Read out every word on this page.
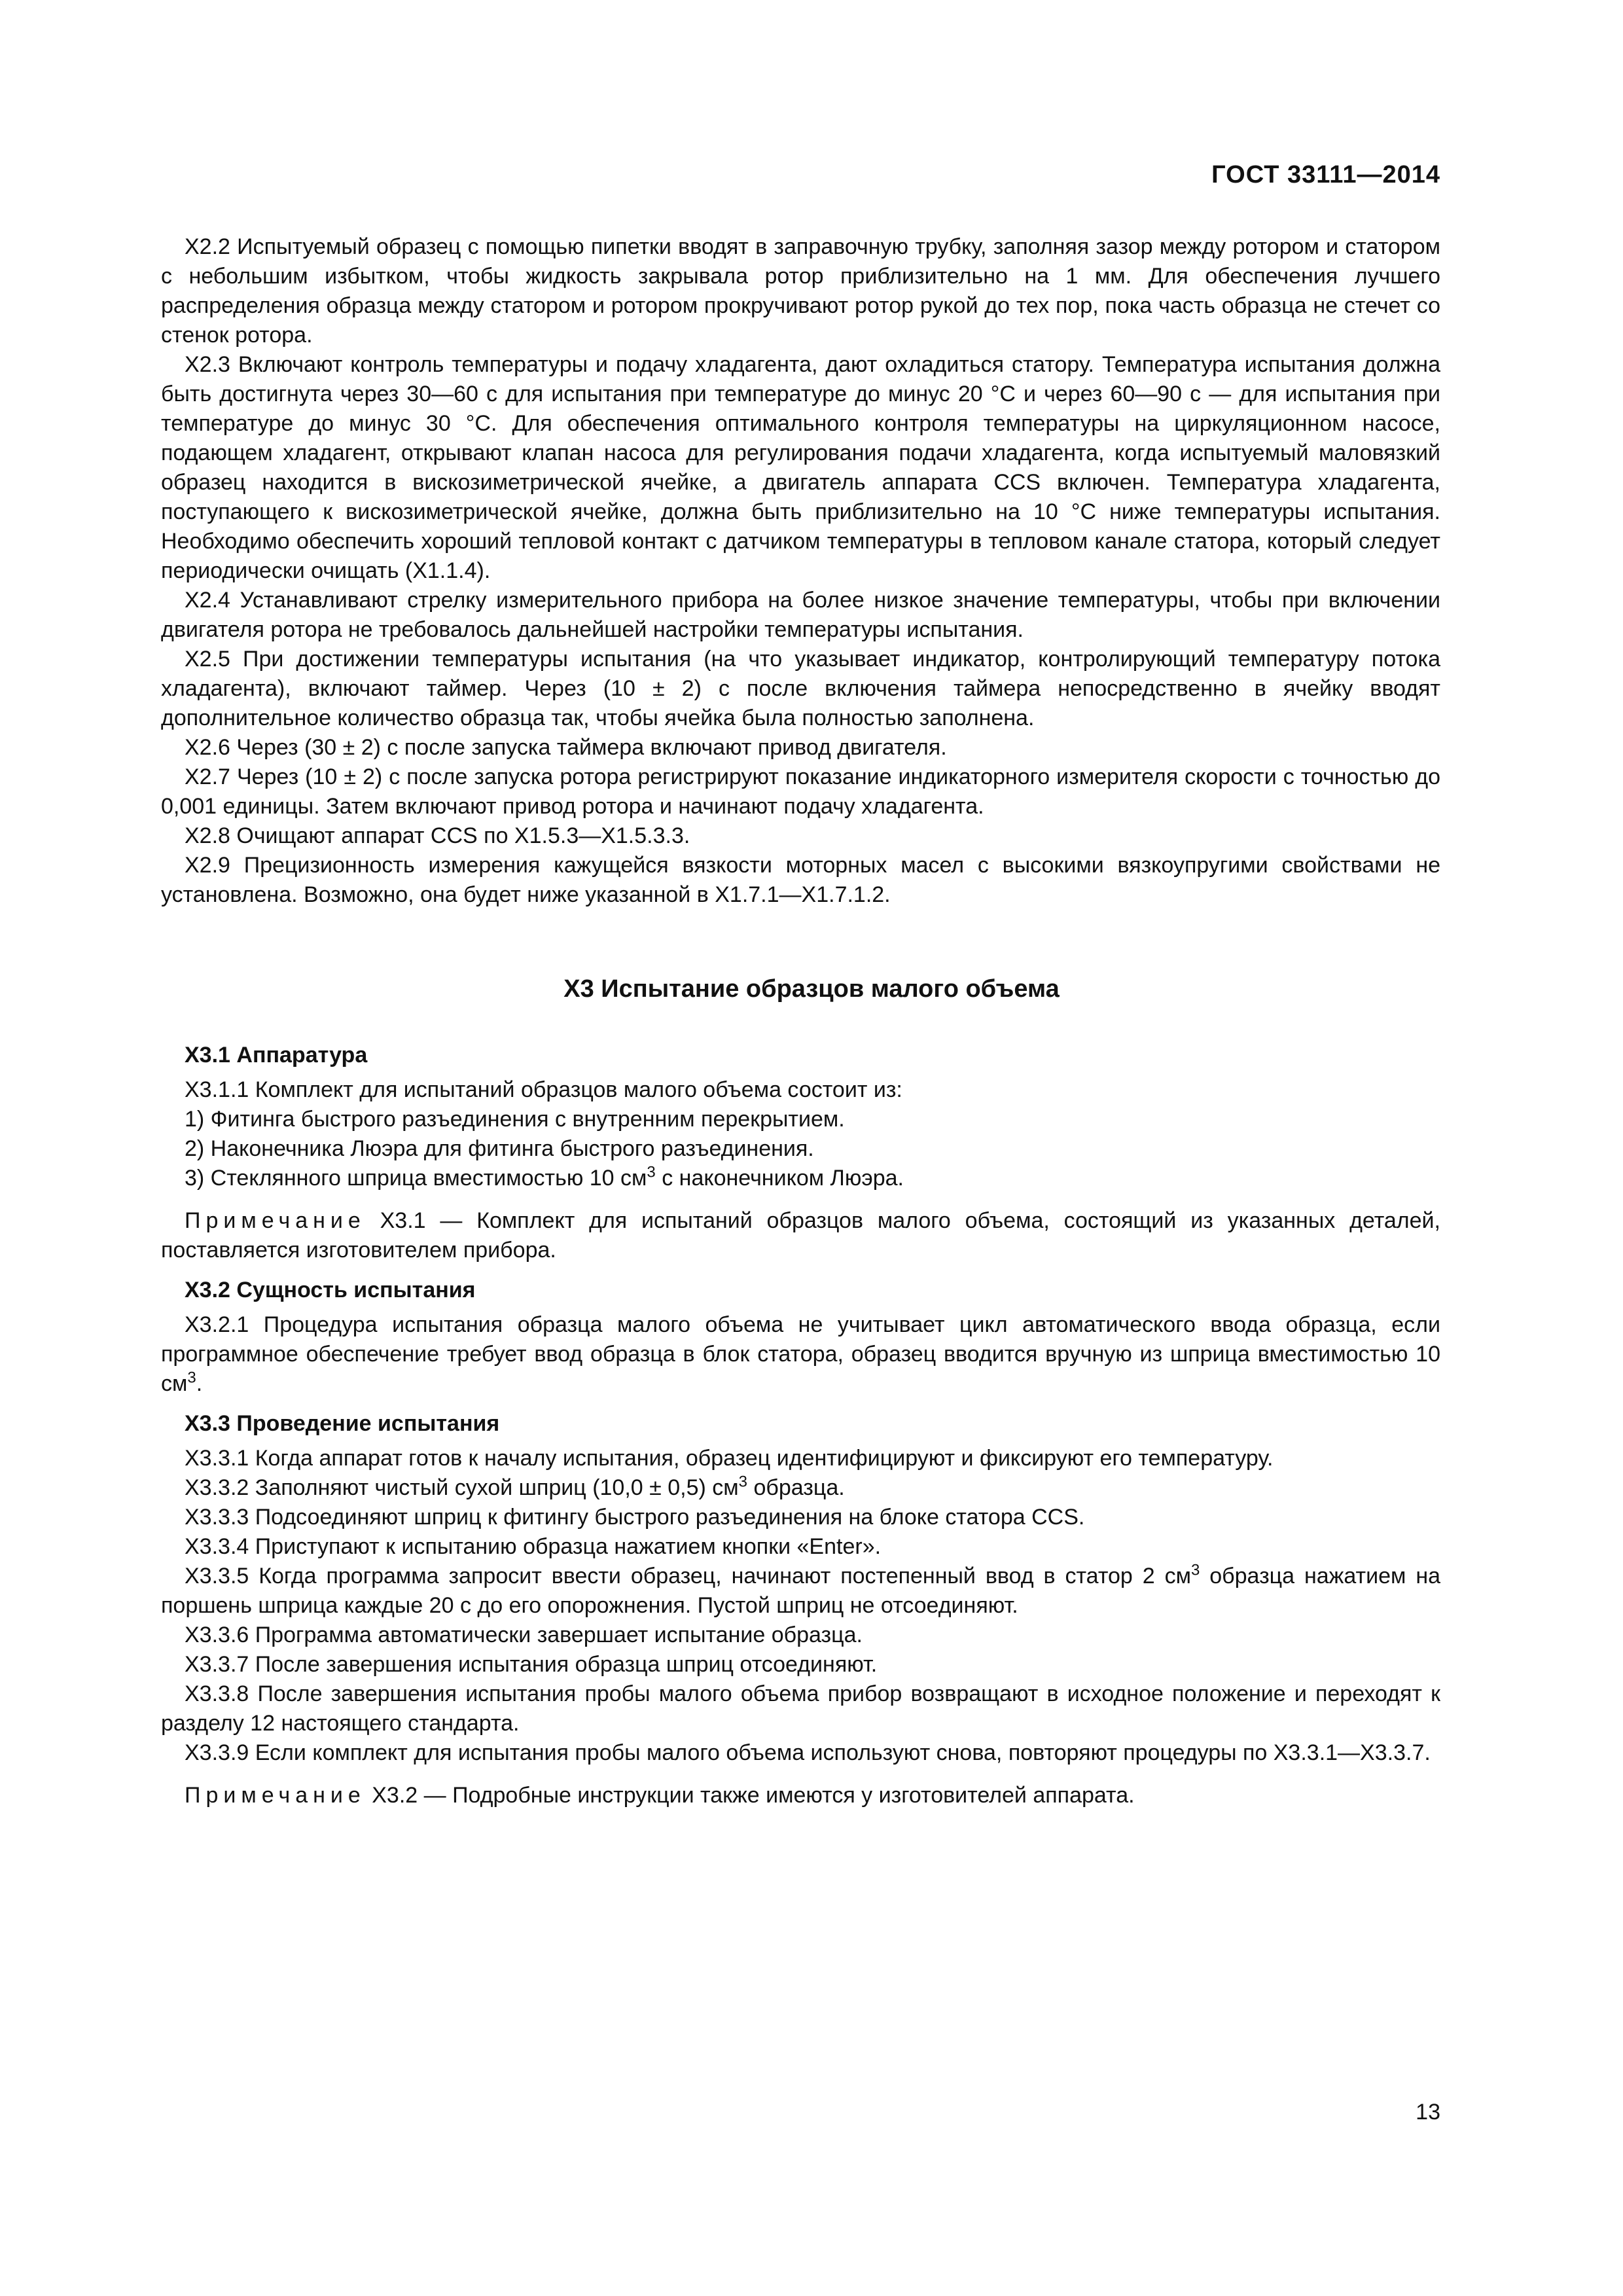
ГОСТ 33111—2014

X2.2 Испытуемый образец с помощью пипетки вводят в заправочную трубку, заполняя зазор между ротором и статором с небольшим избытком, чтобы жидкость закрывала ротор приблизительно на 1 мм. Для обеспечения лучшего распределения образца между статором и ротором прокручивают ротор рукой до тех пор, пока часть образца не стечет со стенок ротора.

X2.3 Включают контроль температуры и подачу хладагента, дают охладиться статору. Температура испытания должна быть достигнута через 30—60 с для испытания при температуре до минус 20 °С и через 60—90 с — для испытания при температуре до минус 30 °С. Для обеспечения оптимального контроля температуры на циркуляционном насосе, подающем хладагент, открывают клапан насоса для регулирования подачи хладагента, когда испытуемый маловязкий образец находится в вискозиметрической ячейке, а двигатель аппарата CCS включен. Температура хладагента, поступающего к вискозиметрической ячейке, должна быть приблизительно на 10 °С ниже температуры испытания. Необходимо обеспечить хороший тепловой контакт с датчиком температуры в тепловом канале статора, который следует периодически очищать (X1.1.4).

X2.4 Устанавливают стрелку измерительного прибора на более низкое значение температуры, чтобы при включении двигателя ротора не требовалось дальнейшей настройки температуры испытания.

X2.5 При достижении температуры испытания (на что указывает индикатор, контролирующий температуру потока хладагента), включают таймер. Через (10 ± 2) с после включения таймера непосредственно в ячейку вводят дополнительное количество образца так, чтобы ячейка была полностью заполнена.

X2.6 Через (30 ± 2) с после запуска таймера включают привод двигателя.

X2.7 Через (10 ± 2) с после запуска ротора регистрируют показание индикаторного измерителя скорости с точностью до 0,001 единицы. Затем включают привод ротора и начинают подачу хладагента.

X2.8 Очищают аппарат CCS по X1.5.3—X1.5.3.3.

X2.9 Прецизионность измерения кажущейся вязкости моторных масел с высокими вязкоупругими свойствами не установлена. Возможно, она будет ниже указанной в X1.7.1—X1.7.1.2.

X3 Испытание образцов малого объема

X3.1 Аппаратура

X3.1.1 Комплект для испытаний образцов малого объема состоит из:

1) Фитинга быстрого разъединения с внутренним перекрытием.

2) Наконечника Люэра для фитинга быстрого разъединения.

3) Стеклянного шприца вместимостью 10 $см^3$ с наконечником Люэра.

Примечание X3.1 — Комплект для испытаний образцов малого объема, состоящий из указанных деталей, поставляется изготовителем прибора.

X3.2 Сущность испытания

X3.2.1 Процедура испытания образца малого объема не учитывает цикл автоматического ввода образца, если программное обеспечение требует ввод образца в блок статора, образец вводится вручную из шприца вместимостью 10 $см^3$.

X3.3 Проведение испытания

X3.3.1 Когда аппарат готов к началу испытания, образец идентифицируют и фиксируют его температуру.

X3.3.2 Заполняют чистый сухой шприц (10,0 ± 0,5) $см^3$ образца.

X3.3.3 Подсоединяют шприц к фитингу быстрого разъединения на блоке статора CCS.

X3.3.4 Приступают к испытанию образца нажатием кнопки «Enter».

X3.3.5 Когда программа запросит ввести образец, начинают постепенный ввод в статор 2 $см^3$ образца нажатием на поршень шприца каждые 20 с до его опорожнения. Пустой шприц не отсоединяют.

X3.3.6 Программа автоматически завершает испытание образца.

X3.3.7 После завершения испытания образца шприц отсоединяют.

X3.3.8 После завершения испытания пробы малого объема прибор возвращают в исходное положение и переходят к разделу 12 настоящего стандарта.

X3.3.9 Если комплект для испытания пробы малого объема используют снова, повторяют процедуры по X3.3.1—X3.3.7.

Примечание X3.2 — Подробные инструкции также имеются у изготовителей аппарата.

13
